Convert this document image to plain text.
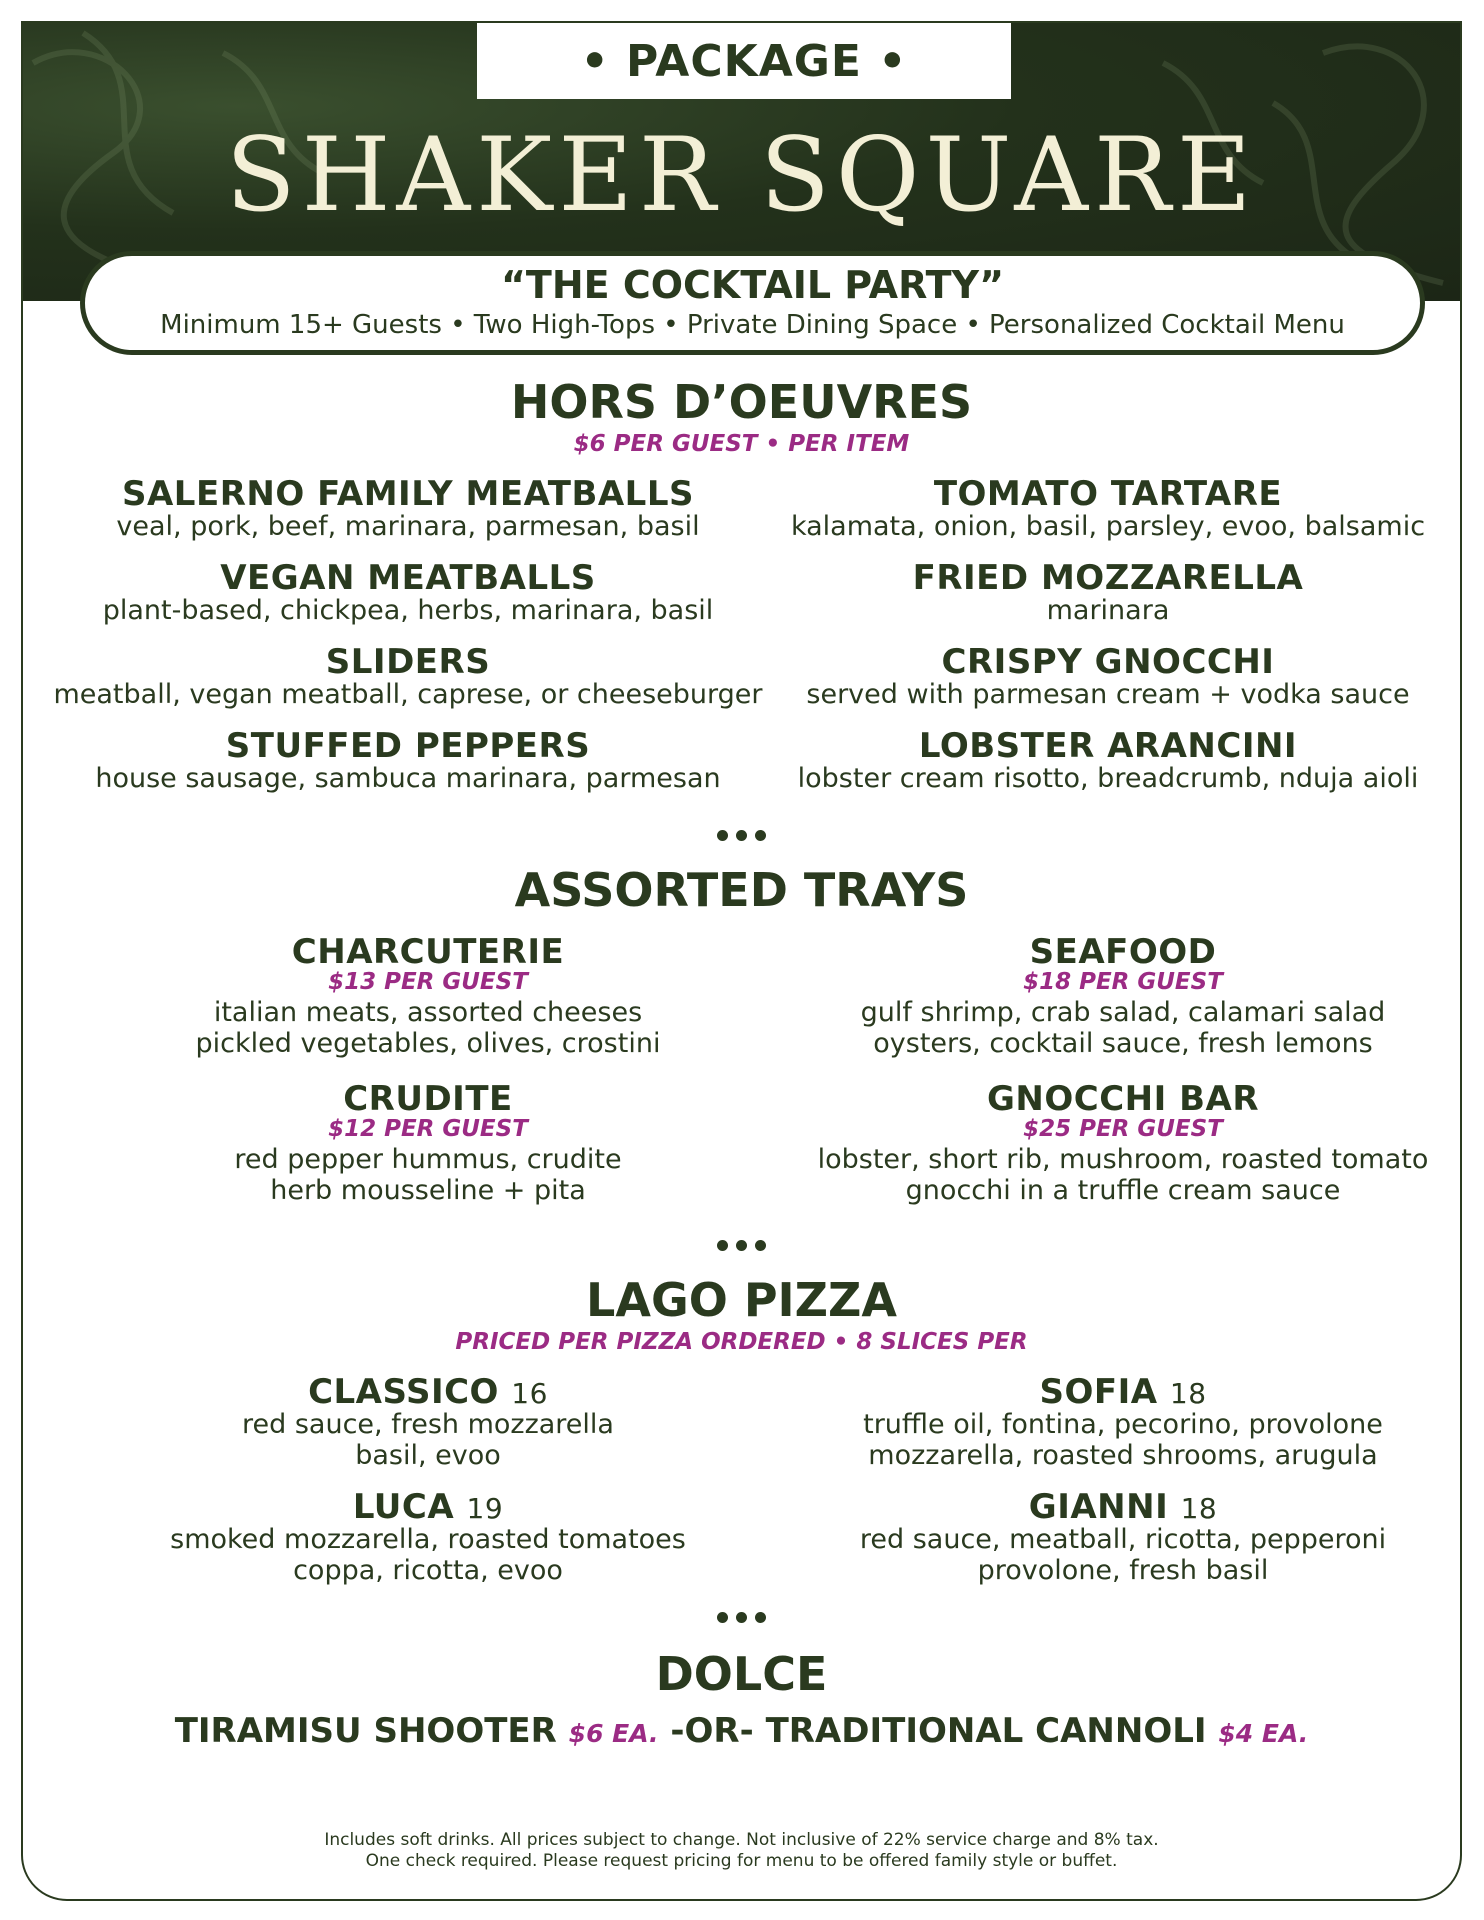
• PACKAGE •
SHAKER SQUARE
“THE COCKTAIL PARTY”
Minimum 15+ Guests • Two High-Tops • Private Dining Space • Personalized Cocktail Menu
HORS D’OEUVRES
$6 PER GUEST • PER ITEM
SALERNO FAMILY MEATBALLS
veal, pork, beef, marinara, parmesan, basil
VEGAN MEATBALLS
plant-based, chickpea, herbs, marinara, basil
SLIDERS
meatball, vegan meatball, caprese, or cheeseburger
STUFFED PEPPERS
house sausage, sambuca marinara, parmesan
TOMATO TARTARE
kalamata, onion, basil, parsley, evoo, balsamic
FRIED MOZZARELLA
marinara
CRISPY GNOCCHI
served with parmesan cream + vodka sauce
LOBSTER ARANCINI
lobster cream risotto, breadcrumb, nduja aioli
ASSORTED TRAYS
CHARCUTERIE
$13 PER GUEST
italian meats, assorted cheeses
pickled vegetables, olives, crostini
CRUDITE
$12 PER GUEST
red pepper hummus, crudite
herb mousseline + pita
SEAFOOD
$18 PER GUEST
gulf shrimp, crab salad, calamari salad
oysters, cocktail sauce, fresh lemons
GNOCCHI BAR
$25 PER GUEST
lobster, short rib, mushroom, roasted tomato
gnocchi in a truffle cream sauce
LAGO PIZZA
PRICED PER PIZZA ORDERED • 8 SLICES PER
CLASSICO 16
red sauce, fresh mozzarella
basil, evoo
LUCA 19
smoked mozzarella, roasted tomatoes
coppa, ricotta, evoo
SOFIA 18
truffle oil, fontina, pecorino, provolone
mozzarella, roasted shrooms, arugula
GIANNI 18
red sauce, meatball, ricotta, pepperoni
provolone, fresh basil
DOLCE
TIRAMISU SHOOTER $6 EA. -OR- TRADITIONAL CANNOLI $4 EA.
Includes soft drinks. All prices subject to change. Not inclusive of 22% service charge and 8% tax.
One check required. Please request pricing for menu to be offered family style or buffet.
